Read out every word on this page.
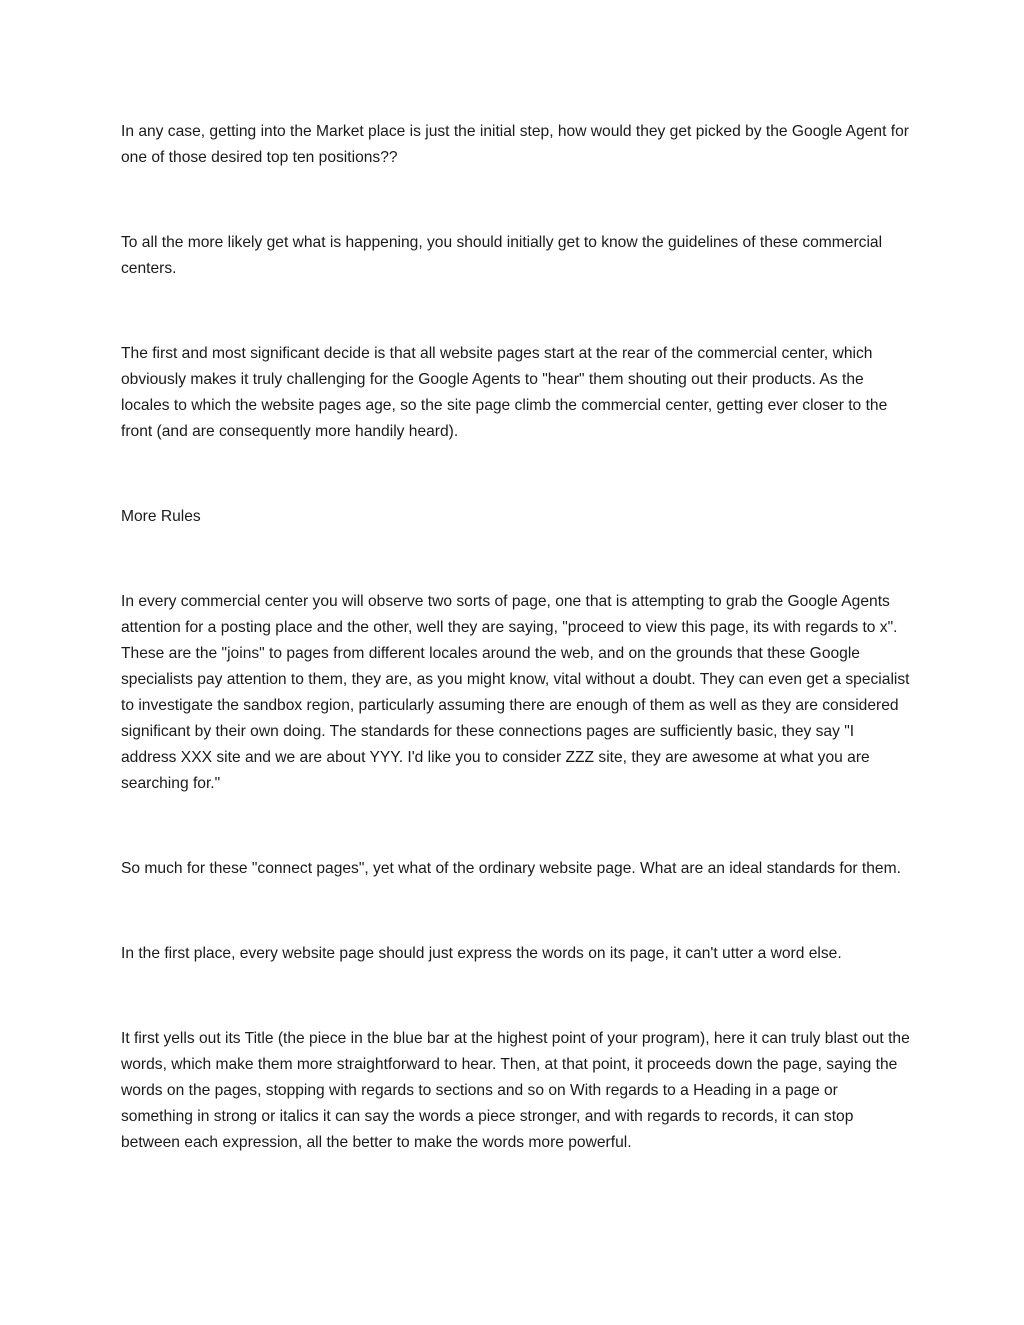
In any case, getting into the Market place is just the initial step, how would they get picked by the Google Agent for one of those desired top ten positions??

To all the more likely get what is happening, you should initially get to know the guidelines of these commercial centers.

The first and most significant decide is that all website pages start at the rear of the commercial center, which obviously makes it truly challenging for the Google Agents to "hear" them shouting out their products. As the locales to which the website pages age, so the site page climb the commercial center, getting ever closer to the front (and are consequently more handily heard).

More Rules

In every commercial center you will observe two sorts of page, one that is attempting to grab the Google Agents attention for a posting place and the other, well they are saying, "proceed to view this page, its with regards to x". These are the "joins" to pages from different locales around the web, and on the grounds that these Google specialists pay attention to them, they are, as you might know, vital without a doubt. They can even get a specialist to investigate the sandbox region, particularly assuming there are enough of them as well as they are considered significant by their own doing. The standards for these connections pages are sufficiently basic, they say "I address XXX site and we are about YYY. I'd like you to consider ZZZ site, they are awesome at what you are searching for."

So much for these "connect pages", yet what of the ordinary website page. What are an ideal standards for them.

In the first place, every website page should just express the words on its page, it can't utter a word else.

It first yells out its Title (the piece in the blue bar at the highest point of your program), here it can truly blast out the words, which make them more straightforward to hear. Then, at that point, it proceeds down the page, saying the words on the pages, stopping with regards to sections and so on With regards to a Heading in a page or something in strong or italics it can say the words a piece stronger, and with regards to records, it can stop between each expression, all the better to make the words more powerful.
